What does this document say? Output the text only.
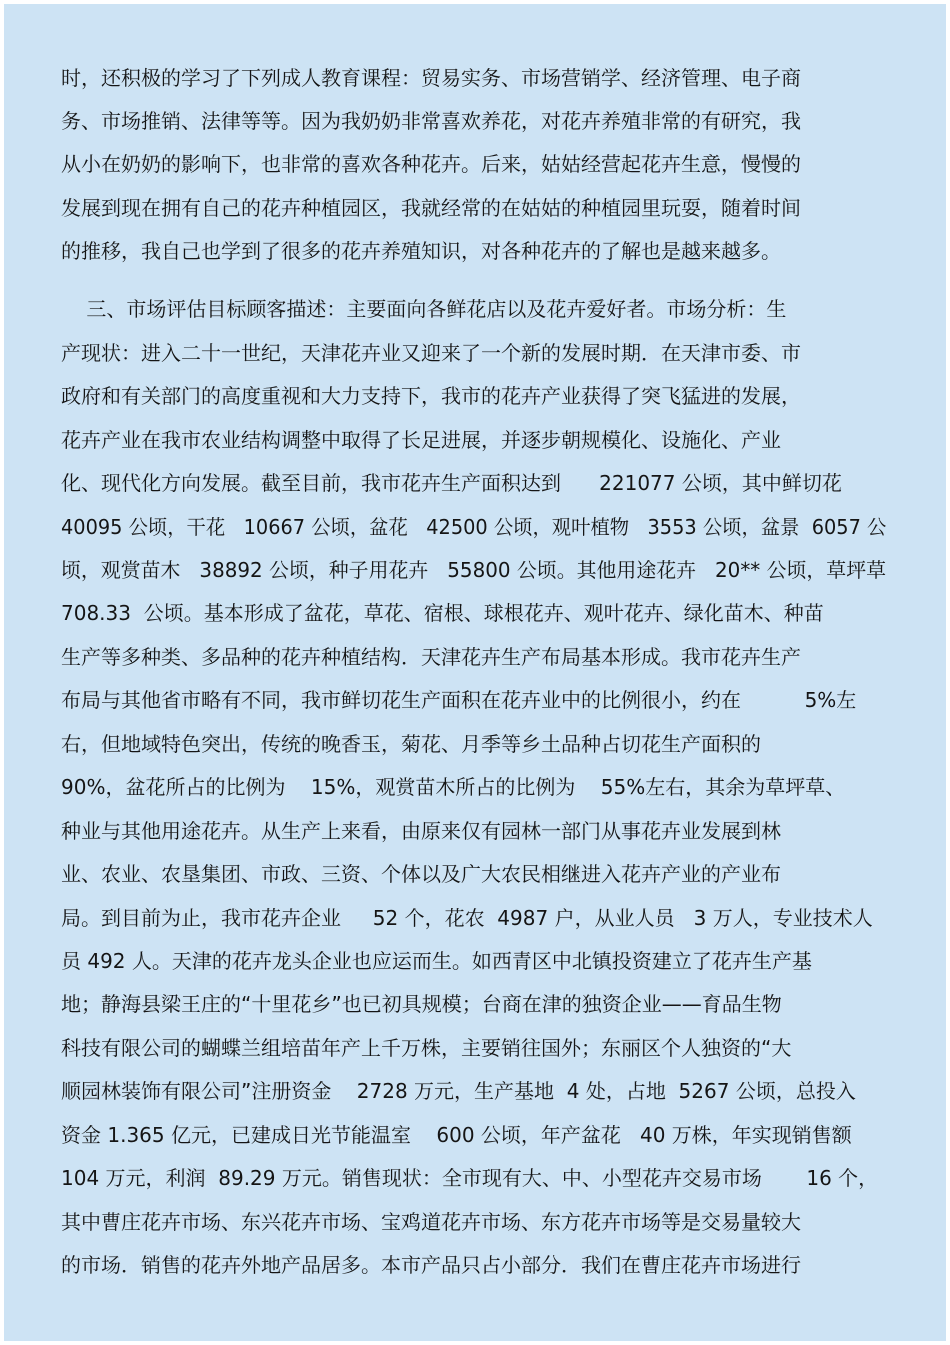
时，还积极的学习了下列成人教育课程：贸易实务、市场营销学、经济管理、电子商

务、市场推销、法律等等。因为我奶奶非常喜欢养花，对花卉养殖非常的有研究，我

从小在奶奶的影响下，也非常的喜欢各种花卉。后来，姑姑经营起花卉生意，慢慢的

发展到现在拥有自己的花卉种植园区，我就经常的在姑姑的种植园里玩耍，随着时间

的推移，我自己也学到了很多的花卉养殖知识，对各种花卉的了解也是越来越多。

三、市场评估目标顾客描述：主要面向各鲜花店以及花卉爱好者。市场分析：生

产现状：进入二十一世纪，天津花卉业又迎来了一个新的发展时期．在天津市委、市

政府和有关部门的高度重视和大力支持下，我市的花卉产业获得了突飞猛进的发展，

花卉产业在我市农业结构调整中取得了长足进展，并逐步朝规模化、设施化、产业

化、现代化方向发展。截至目前，我市花卉生产面积达到      221077 公顷，其中鲜切花

40095 公顷，干花   10667 公顷，盆花   42500 公顷，观叶植物   3553 公顷，盆景  6057 公

顷，观赏苗木   38892 公顷，种子用花卉   55800 公顷。其他用途花卉   20** 公顷，草坪草

708.33  公顷。基本形成了盆花，草花、宿根、球根花卉、观叶花卉、绿化苗木、种苗

生产等多种类、多品种的花卉种植结构．天津花卉生产布局基本形成。我市花卉生产

布局与其他省市略有不同，我市鲜切花生产面积在花卉业中的比例很小，约在          5%左

右，但地域特色突出，传统的晚香玉，菊花、月季等乡土品种占切花生产面积的

90%，盆花所占的比例为    15%，观赏苗木所占的比例为    55%左右，其余为草坪草、

种业与其他用途花卉。从生产上来看，由原来仅有园林一部门从事花卉业发展到林

业、农业、农垦集团、市政、三资、个体以及广大农民相继进入花卉产业的产业布

局。到目前为止，我市花卉企业     52 个，花农  4987 户，从业人员   3 万人，专业技术人

员 492 人。天津的花卉龙头企业也应运而生。如西青区中北镇投资建立了花卉生产基

地；静海县梁王庄的“十里花乡”也已初具规模；台商在津的独资企业——育品生物

科技有限公司的蝴蝶兰组培苗年产上千万株，主要销往国外；东丽区个人独资的“大

顺园林装饰有限公司”注册资金    2728 万元，生产基地  4 处，占地  5267 公顷，总投入

资金 1.365 亿元，已建成日光节能温室    600 公顷，年产盆花   40 万株，年实现销售额

104 万元，利润  89.29 万元。销售现状：全市现有大、中、小型花卉交易市场       16 个，

其中曹庄花卉市场、东兴花卉市场、宝鸡道花卉市场、东方花卉市场等是交易量较大

的市场．销售的花卉外地产品居多。本市产品只占小部分．我们在曹庄花卉市场进行
